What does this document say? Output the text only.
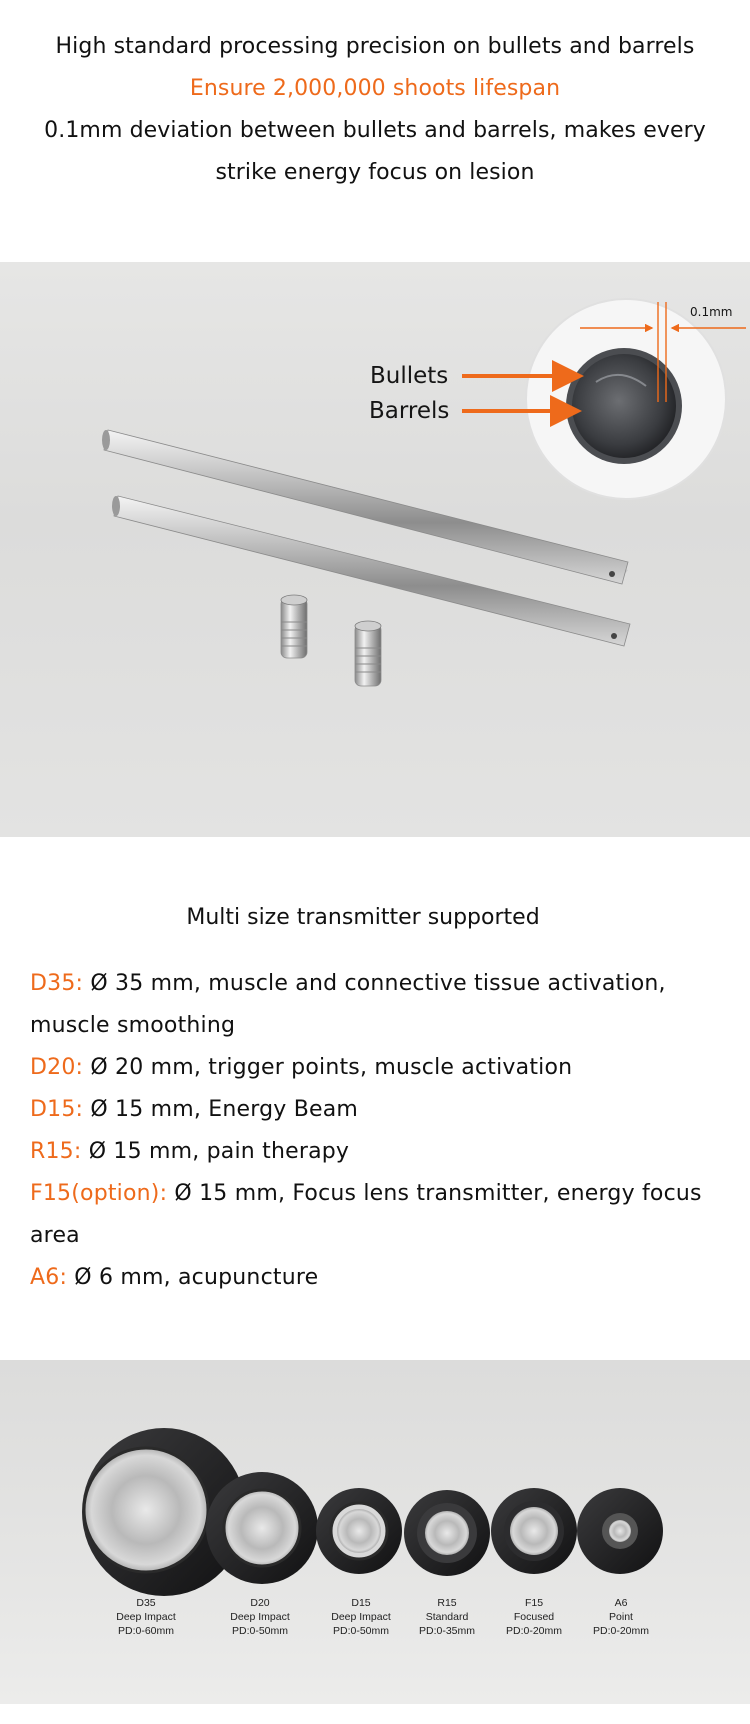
High standard processing precision on bullets and barrels

Ensure 2,000,000 shoots lifespan

0.1mm deviation between bullets and barrels, makes every

strike energy focus on lesion

Bullets
Barrels
0.1mm
Multi size transmitter supported
D35: Ø 35 mm, muscle and connective tissue activation, muscle smoothing
D20: Ø 20 mm, trigger points, muscle activation
D15: Ø 15 mm, Energy Beam
R15: Ø 15 mm, pain therapy
F15(option): Ø 15 mm, Focus lens transmitter, energy focus area
A6: Ø 6 mm, acupuncture
D35
Deep Impact
PD:0-60mm
D20
Deep Impact
PD:0-50mm
D15
Deep Impact
PD:0-50mm
R15
Standard
PD:0-35mm
F15
Focused
PD:0-20mm
A6
Point
PD:0-20mm
